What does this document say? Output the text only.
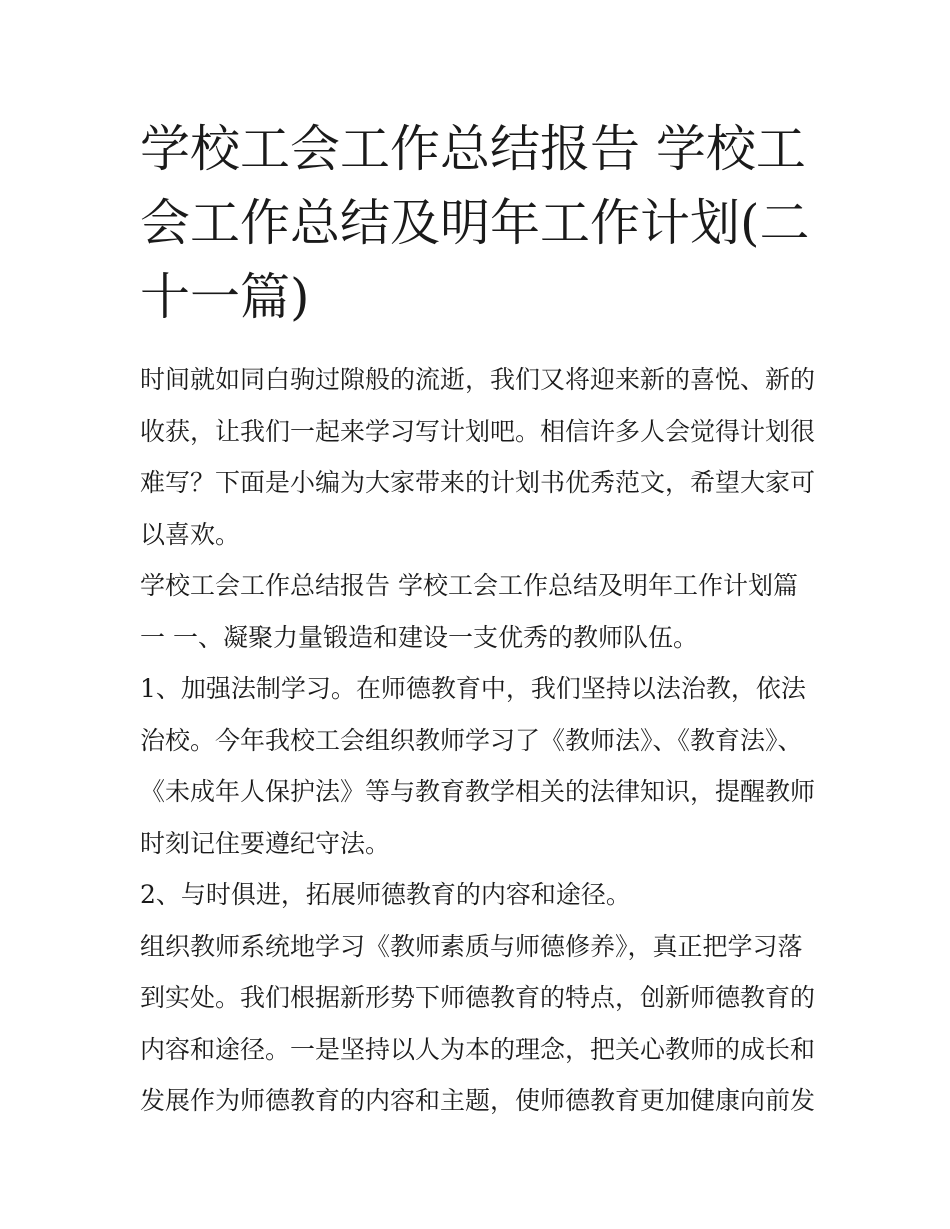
学校工会工作总结报告 学校工会工作总结及明年工作计划(二十一篇)

时间就如同白驹过隙般的流逝，我们又将迎来新的喜悦、新的收获，让我们一起来学习写计划吧。相信许多人会觉得计划很难写？下面是小编为大家带来的计划书优秀范文，希望大家可以喜欢。

学校工会工作总结报告 学校工会工作总结及明年工作计划篇一 一、凝聚力量锻造和建设一支优秀的教师队伍。

1、加强法制学习。在师德教育中，我们坚持以法治教，依法治校。今年我校工会组织教师学习了《教师法》、《教育法》、《未成年人保护法》等与教育教学相关的法律知识，提醒教师时刻记住要遵纪守法。

2、与时俱进，拓展师德教育的内容和途径。

组织教师系统地学习《教师素质与师德修养》，真正把学习落到实处。我们根据新形势下师德教育的特点，创新师德教育的内容和途径。一是坚持以人为本的理念，把关心教师的成长和发展作为师德教育的内容和主题，使师德教育更加健康向前发
